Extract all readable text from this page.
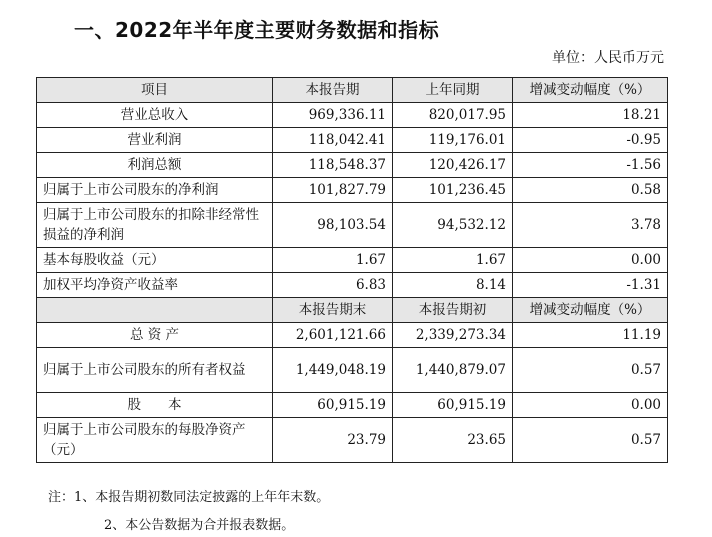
一、2022年半年度主要财务数据和指标
单位：人民币万元
项目	本报告期	上年同期	增减变动幅度（%）
营业总收入	969,336.11	820,017.95	18.21
营业利润	118,042.41	119,176.01	-0.95
利润总额	118,548.37	120,426.17	-1.56
归属于上市公司股东的净利润	101,827.79	101,236.45	0.58
归属于上市公司股东的扣除非经常性损益的净利润	98,103.54	94,532.12	3.78
基本每股收益（元）	1.67	1.67	0.00
加权平均净资产收益率	6.83	8.14	-1.31
	本报告期末	本报告期初	增减变动幅度（%）
总 资 产	2,601,121.66	2,339,273.34	11.19
归属于上市公司股东的所有者权益	1,449,048.19	1,440,879.07	0.57
股　　本	60,915.19	60,915.19	0.00
归属于上市公司股东的每股净资产（元）	23.79	23.65	0.57
注：1、本报告期初数同法定披露的上年年末数。
2、本公告数据为合并报表数据。
